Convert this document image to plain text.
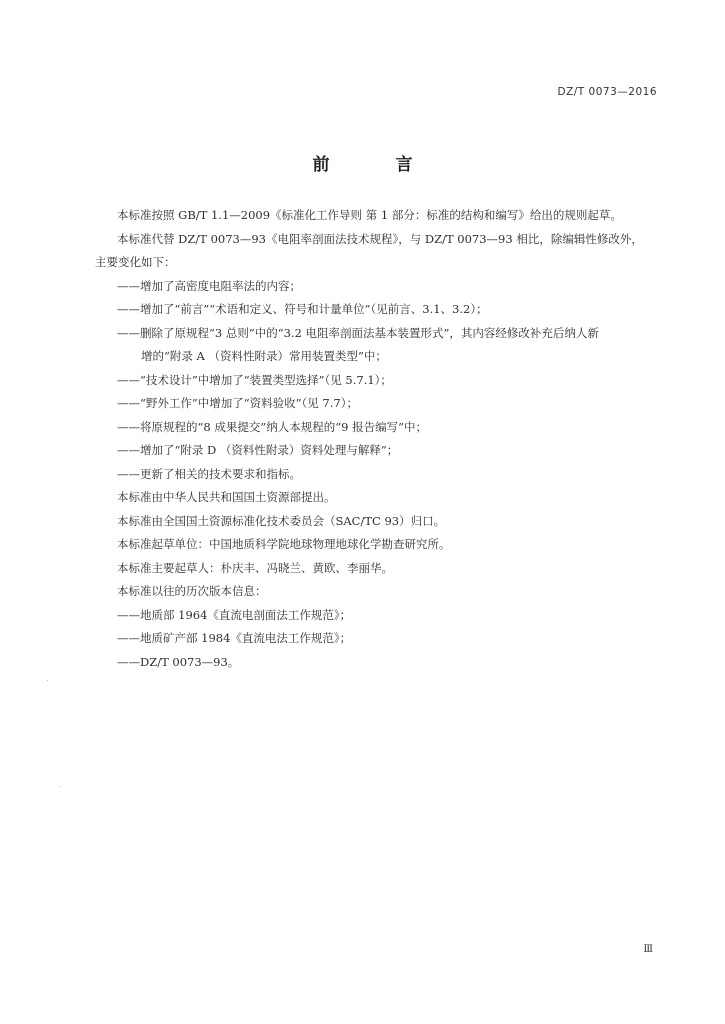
DZ/T 0073—2016
前 言
本标准按照 GB/T 1.1—2009《标准化工作导则 第 1 部分：标准的结构和编写》给出的规则起草。
本标准代替 DZ/T 0073—93《电阻率剖面法技术规程》，与 DZ/T 0073—93 相比，除编辑性修改外，
主要变化如下：
——增加了高密度电阻率法的内容；
——增加了“前言”“术语和定义、符号和计量单位”（见前言、3.1、3.2）；
——删除了原规程“3 总则”中的“3.2 电阻率剖面法基本装置形式”，其内容经修改补充后纳人新
增的“附录 A （资料性附录）常用装置类型”中；
——“技术设计”中增加了“装置类型选择”（见 5.7.1）；
——“野外工作”中增加了“资料验收”（见 7.7）；
——将原规程的“8 成果提交”纳人本规程的“9 报告编写”中；
——增加了“附录 D （资料性附录）资料处理与解释”；
——更新了相关的技术要求和指标。
本标准由中华人民共和国国土资源部提出。
本标准由全国国土资源标准化技术委员会（SAC/TC 93）归口。
本标准起草单位：中国地质科学院地球物理地球化学勘查研究所。
本标准主要起草人：朴庆丰、冯晓兰、黄欧、李丽华。
本标准以往的历次版本信息：
——地质部 1964《直流电剖面法工作规范》；
——地质矿产部 1984《直流电法工作规范》；
——DZ/T 0073—93。
Ⅲ
